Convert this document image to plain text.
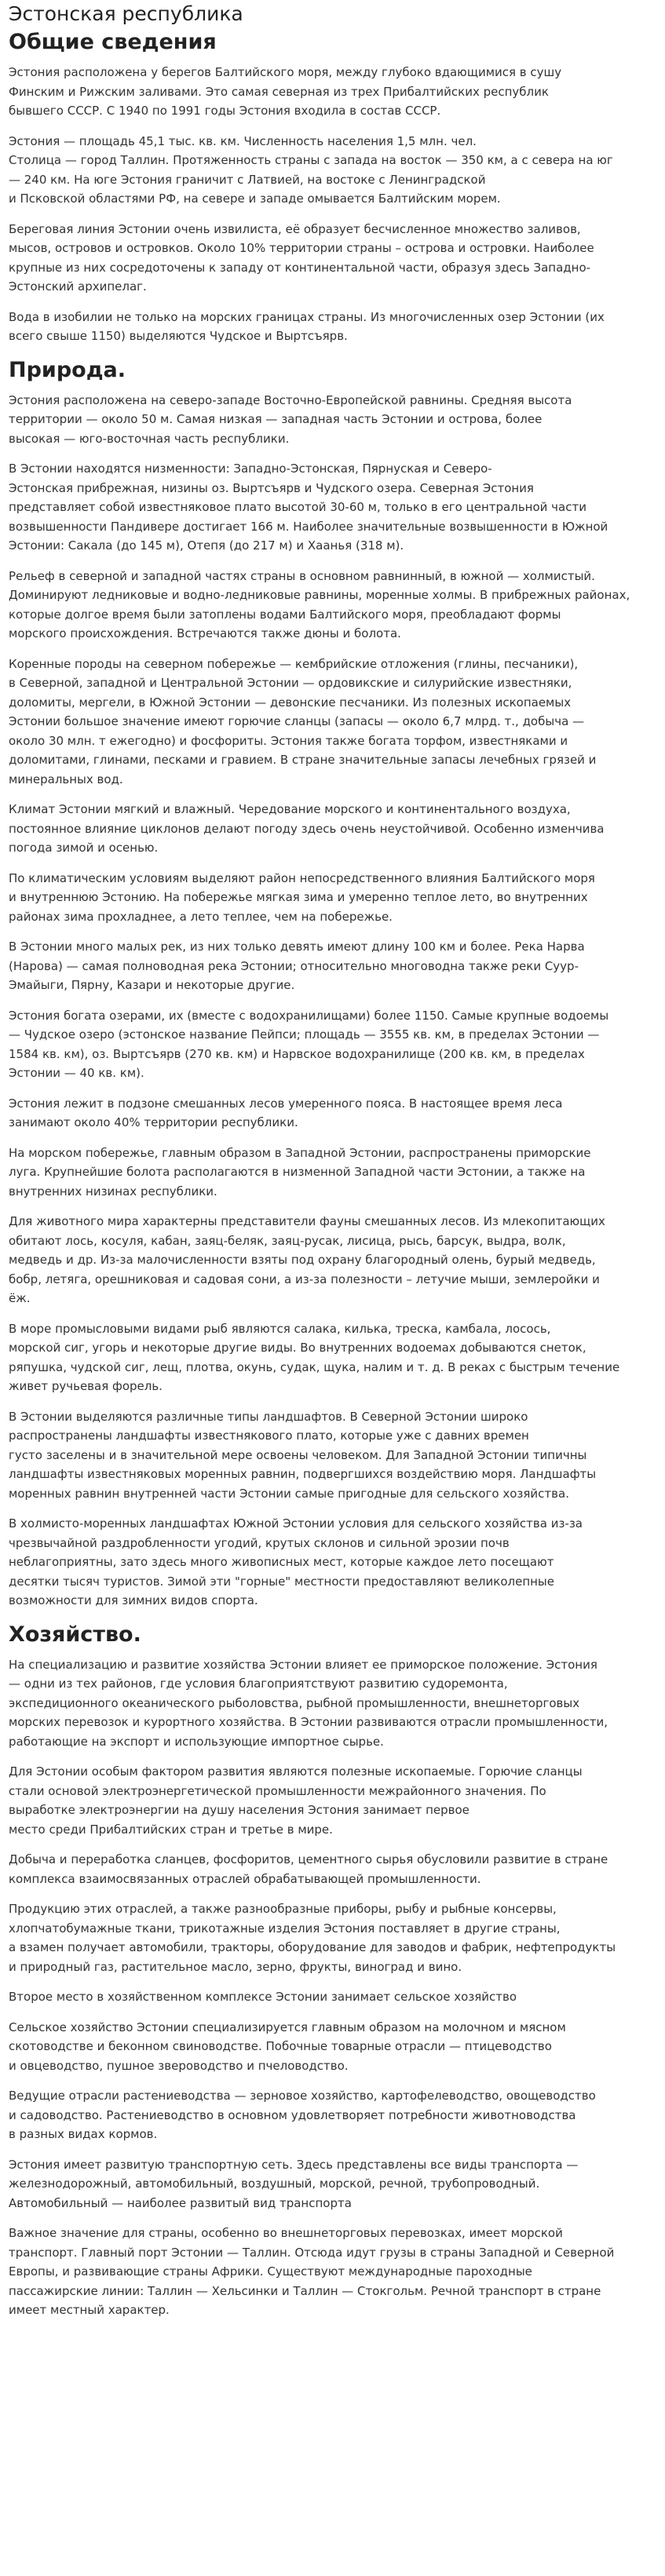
Эстонская республика
Общие сведения

Эстония расположена у берегов Балтийского моря, между глубоко вдающимися в сушу
Финским и Рижским заливами. Это самая северная из трех Прибалтийских республик
бывшего СССР. С 1940 по 1991 годы Эстония входила в состав СССР.

Эстония — площадь 45,1 тыс. кв. км. Численность населения 1,5 млн. чел.
Столица — город Таллин. Протяженность страны с запада на восток — 350 км, а с севера на юг
— 240 км. На юге Эстония граничит с Латвией, на востоке с Ленинградской
и Псковской областями РФ, на севере и западе омывается Балтийским морем.

Береговая линия Эстонии очень извилиста, её образует бесчисленное множество заливов,
мысов, островов и островков. Около 10% территории страны – острова и островки. Наиболее
крупные из них сосредоточены к западу от континентальной части, образуя здесь Западно-
Эстонский архипелаг.

Вода в изобилии не только на морских границах страны. Из многочисленных озер Эстонии (их
всего свыше 1150) выделяются Чудское и Выртсъярв.

Природа.

Эстония расположена на северо-западе Восточно-Европейской равнины. Средняя высота
территории — около 50 м. Самая низкая — западная часть Эстонии и острова, более
высокая — юго-восточная часть республики.

В Эстонии находятся низменности: Западно-Эстонская, Пярнуская и Северо-
Эстонская прибрежная, низины оз. Выртсъярв и Чудского озера. Северная Эстония
представляет собой известняковое плато высотой 30-60 м, только в его центральной части
возвышенности Пандивере достигает 166 м. Наиболее значительные возвышенности в Южной
Эстонии: Сакала (до 145 м), Отепя (до 217 м) и Хаанья (318 м).

Рельеф в северной и западной частях страны в основном равнинный, в южной — холмистый.
Доминируют ледниковые и водно-ледниковые равнины, моренные холмы. В прибрежных районах,
которые долгое время были затоплены водами Балтийского моря, преобладают формы
морского происхождения. Встречаются также дюны и болота.

Коренные породы на северном побережье — кембрийские отложения (глины, песчаники),
в Северной, западной и Центральной Эстонии — ордовикские и силурийские известняки,
доломиты, мергели, в Южной Эстонии — девонские песчаники. Из полезных ископаемых
Эстонии большое значение имеют горючие сланцы (запасы — около 6,7 млрд. т., добыча —
около 30 млн. т ежегодно) и фосфориты. Эстония также богата торфом, известняками и
доломитами, глинами, песками и гравием. В стране значительные запасы лечебных грязей и
минеральных вод.

Климат Эстонии мягкий и влажный. Чередование морского и континентального воздуха,
постоянное влияние циклонов делают погоду здесь очень неустойчивой. Особенно изменчива
погода зимой и осенью.

По климатическим условиям выделяют район непосредственного влияния Балтийского моря
и внутреннюю Эстонию. На побережье мягкая зима и умеренно теплое лето, во внутренних
районах зима прохладнее, а лето теплее, чем на побережье.

В Эстонии много малых рек, из них только девять имеют длину 100 км и более. Река Нарва
(Нарова) — самая полноводная река Эстонии; относительно многоводна также реки Суур-
Эмайыги, Пярну, Казари и некоторые другие.

Эстония богата озерами, их (вместе с водохранилищами) более 1150. Самые крупные водоемы
— Чудское озеро (эстонское название Пейпси; площадь — 3555 кв. км, в пределах Эстонии —
1584 кв. км), оз. Выртсъярв (270 кв. км) и Нарвское водохранилище (200 кв. км, в пределах
Эстонии — 40 кв. км).

Эстония лежит в подзоне смешанных лесов умеренного пояса. В настоящее время леса
занимают около 40% территории республики.

На морском побережье, главным образом в Западной Эстонии, распространены приморские
луга. Крупнейшие болота располагаются в низменной Западной части Эстонии, а также на
внутренних низинах республики.

Для животного мира характерны представители фауны смешанных лесов. Из млекопитающих
обитают лось, косуля, кабан, заяц-беляк, заяц-русак, лисица, рысь, барсук, выдра, волк,
медведь и др. Из-за малочисленности взяты под охрану благородный олень, бурый медведь,
бобр, летяга, орешниковая и садовая сони, а из-за полезности – летучие мыши, землеройки и
ёж.

В море промысловыми видами рыб являются салака, килька, треска, камбала, лосось,
морской сиг, угорь и некоторые другие виды. Во внутренних водоемах добываются снеток,
ряпушка, чудской сиг, лещ, плотва, окунь, судак, щука, налим и т. д. В реках с быстрым течение
живет ручьевая форель.

В Эстонии выделяются различные типы ландшафтов. В Северной Эстонии широко
распространены ландшафты известнякового плато, которые уже с давних времен
густо заселены и в значительной мере освоены человеком. Для Западной Эстонии типичны
ландшафты известняковых моренных равнин, подвергшихся воздействию моря. Ландшафты
моренных равнин внутренней части Эстонии самые пригодные для сельского хозяйства.

В холмисто-моренных ландшафтах Южной Эстонии условия для сельского хозяйства из-за
чрезвычайной раздробленности угодий, крутых склонов и сильной эрозии почв
неблагоприятны, зато здесь много живописных мест, которые каждое лето посещают
десятки тысяч туристов. Зимой эти "горные" местности предоставляют великолепные
возможности для зимних видов спорта.

Хозяйство.

На специализацию и развитие хозяйства Эстонии влияет ее приморское положение. Эстония
— одни из тех районов, где условия благоприятствуют развитию судоремонта,
экспедиционного океанического рыболовства, рыбной промышленности, внешнеторговых
морских перевозок и курортного хозяйства. В Эстонии развиваются отрасли промышленности,
работающие на экспорт и использующие импортное сырье.

Для Эстонии особым фактором развития являются полезные ископаемые. Горючие сланцы
стали основой электроэнергетической промышленности межрайонного значения. По
выработке электроэнергии на душу населения Эстония занимает первое
место среди Прибалтийских стран и третье в мире.

Добыча и переработка сланцев, фосфоритов, цементного сырья обусловили развитие в стране
комплекса взаимосвязанных отраслей обрабатывающей промышленности.

Продукцию этих отраслей, а также разнообразные приборы, рыбу и рыбные консервы,
хлопчатобумажные ткани, трикотажные изделия Эстония поставляет в другие страны,
а взамен получает автомобили, тракторы, оборудование для заводов и фабрик, нефтепродукты
и природный газ, растительное масло, зерно, фрукты, виноград и вино.

Второе место в хозяйственном комплексе Эстонии занимает сельское хозяйство

Сельское хозяйство Эстонии специализируется главным образом на молочном и мясном
скотоводстве и беконном свиноводстве. Побочные товарные отрасли — птицеводство
и овцеводство, пушное звероводство и пчеловодство.

Ведущие отрасли растениеводства — зерновое хозяйство, картофелеводство, овощеводство
и садоводство. Растениеводство в основном удовлетворяет потребности животноводства
в разных видах кормов.

Эстония имеет развитую транспортную сеть. Здесь представлены все виды транспорта —
железнодорожный, автомобильный, воздушный, морской, речной, трубопроводный.
Автомобильный — наиболее развитый вид транспорта

Важное значение для страны, особенно во внешнеторговых перевозках, имеет морской
транспорт. Главный порт Эстонии — Таллин. Отсюда идут грузы в страны Западной и Северной
Европы, и развивающие страны Африки. Существуют международные пароходные
пассажирские линии: Таллин — Хельсинки и Таллин — Стокгольм. Речной транспорт в стране
имеет местный характер.
